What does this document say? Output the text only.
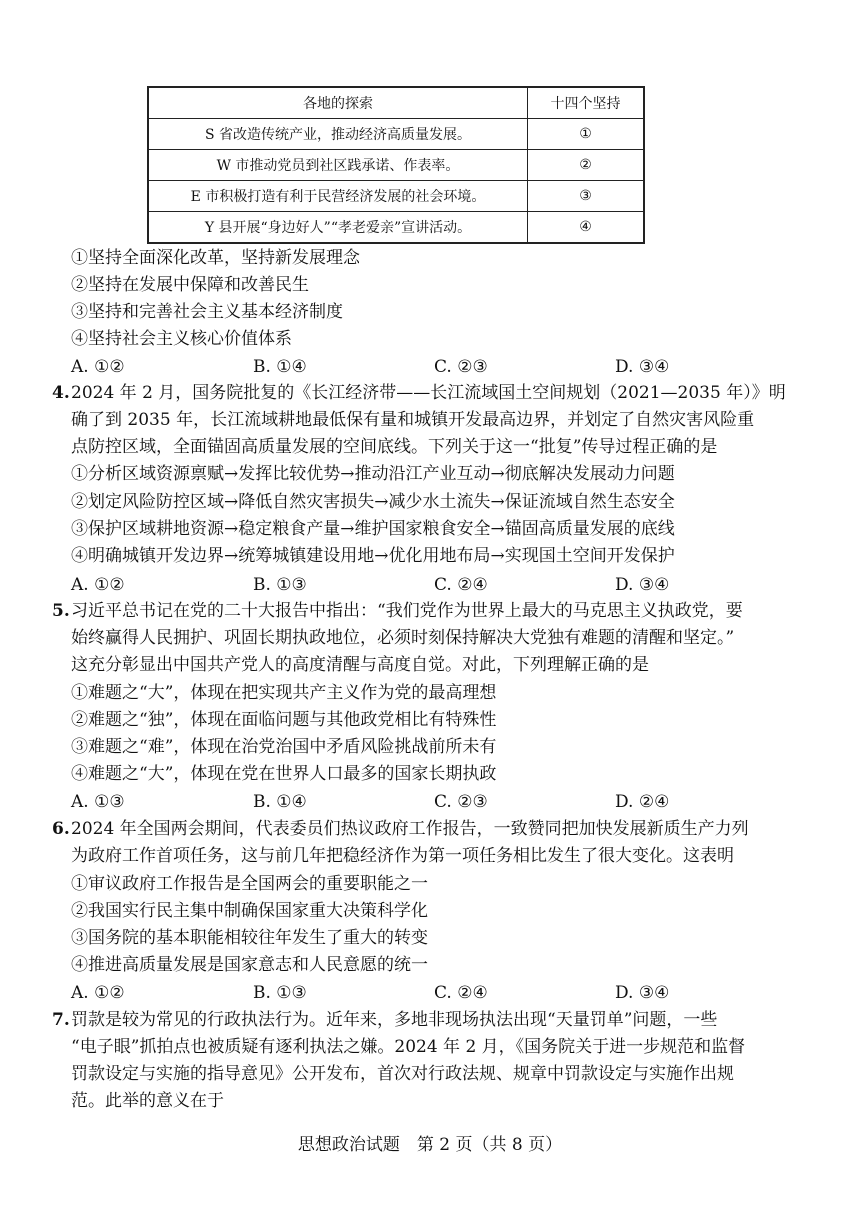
各地的探索	十四个坚持
S 省改造传统产业，推动经济高质量发展。	①
W 市推动党员到社区践承诺、作表率。	②
E 市积极打造有利于民营经济发展的社会环境。	③
Y 县开展“身边好人”“孝老爱亲”宣讲活动。	④
①坚持全面深化改革，坚持新发展理念
②坚持在发展中保障和改善民生
③坚持和完善社会主义基本经济制度
④坚持社会主义核心价值体系
A. ①②	B. ①④	C. ②③	D. ③④
4. 2024 年 2 月，国务院批复的《长江经济带——长江流域国土空间规划（2021—2035 年）》明
确了到 2035 年，长江流域耕地最低保有量和城镇开发最高边界，并划定了自然灾害风险重
点防控区域，全面锚固高质量发展的空间底线。下列关于这一“批复”传导过程正确的是
①分析区域资源禀赋→发挥比较优势→推动沿江产业互动→彻底解决发展动力问题
②划定风险防控区域→降低自然灾害损失→减少水土流失→保证流域自然生态安全
③保护区域耕地资源→稳定粮食产量→维护国家粮食安全→锚固高质量发展的底线
④明确城镇开发边界→统筹城镇建设用地→优化用地布局→实现国土空间开发保护
A. ①②	B. ①③	C. ②④	D. ③④
5. 习近平总书记在党的二十大报告中指出：“我们党作为世界上最大的马克思主义执政党，要
始终赢得人民拥护、巩固长期执政地位，必须时刻保持解决大党独有难题的清醒和坚定。”
这充分彰显出中国共产党人的高度清醒与高度自觉。对此，下列理解正确的是
①难题之“大”，体现在把实现共产主义作为党的最高理想
②难题之“独”，体现在面临问题与其他政党相比有特殊性
③难题之“难”，体现在治党治国中矛盾风险挑战前所未有
④难题之“大”，体现在党在世界人口最多的国家长期执政
A. ①③	B. ①④	C. ②③	D. ②④
6. 2024 年全国两会期间，代表委员们热议政府工作报告，一致赞同把加快发展新质生产力列
为政府工作首项任务，这与前几年把稳经济作为第一项任务相比发生了很大变化。这表明
①审议政府工作报告是全国两会的重要职能之一
②我国实行民主集中制确保国家重大决策科学化
③国务院的基本职能相较往年发生了重大的转变
④推进高质量发展是国家意志和人民意愿的统一
A. ①②	B. ①③	C. ②④	D. ③④
7. 罚款是较为常见的行政执法行为。近年来，多地非现场执法出现“天量罚单”问题，一些
“电子眼”抓拍点也被质疑有逐利执法之嫌。2024 年 2 月，《国务院关于进一步规范和监督
罚款设定与实施的指导意见》公开发布，首次对行政法规、规章中罚款设定与实施作出规
范。此举的意义在于
思想政治试题　第 2 页（共 8 页）
